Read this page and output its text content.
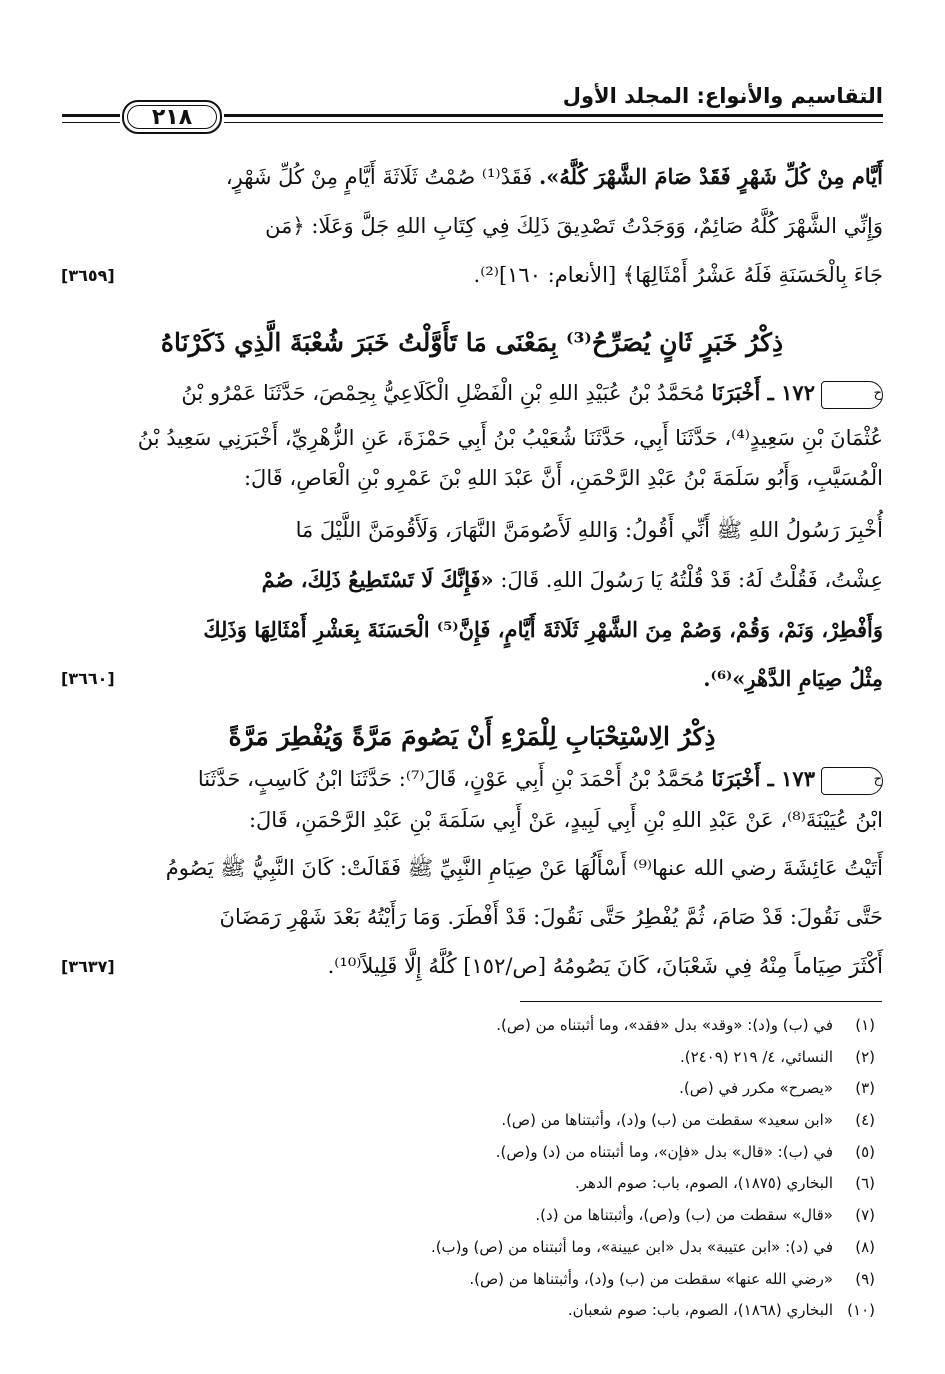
التقاسيم والأنواع: المجلد الأول
٢١٨

أَيَّام مِنْ كُلِّ شَهْرٍ فَقَدْ صَامَ الشَّهْرَ كُلَّهُ». فَقَدْ⁽¹⁾ صُمْتُ ثَلَاثَةَ أَيَّامٍ مِنْ كُلِّ شَهْرٍ،

وَإِنِّي الشَّهْرَ كُلَّهُ صَائِمٌ، وَوَجَدْتُ تَصْدِيقَ ذَلِكَ فِي كِتَابِ اللهِ جَلَّ وَعَلَا: ﴿مَن

جَاءَ بِالْحَسَنَةِ فَلَهُ عَشْرُ أَمْثَالِهَا﴾ [الأنعام: ١٦٠]⁽²⁾.
[٣٦٥٩]

ذِكْرُ خَبَرٍ ثَانٍ يُصَرِّحُ⁽³⁾ بِمَعْنَى مَا تَأَوَّلْتُ خَبَرَ شُعْبَةَ الَّذِي ذَكَرْنَاهُ

ح١٧٢ ـ أَخْبَرَنَا مُحَمَّدُ بْنُ عُبَيْدِ اللهِ بْنِ الْفَضْلِ الْكَلَاعِيُّ بِحِمْصَ، حَدَّثَنَا عَمْرُو بْنُ

عُثْمَانَ بْنِ سَعِيدٍ⁽⁴⁾، حَدَّثَنَا أَبِي، حَدَّثَنَا شُعَيْبُ بْنُ أَبِي حَمْزَةَ، عَنِ الزُّهْرِيِّ، أَخْبَرَنِي سَعِيدُ بْنُ

الْمُسَيَّبِ، وَأَبُو سَلَمَةَ بْنُ عَبْدِ الرَّحْمَنِ، أَنَّ عَبْدَ اللهِ بْنَ عَمْرِو بْنِ الْعَاصِ، قَالَ:

أُخْبِرَ رَسُولُ اللهِ ﷺ أَنِّي أَقُولُ: وَاللهِ لَأَصُومَنَّ النَّهَارَ، وَلَأَقُومَنَّ اللَّيْلَ مَا

عِشْتُ، فَقُلْتُ لَهُ: قَدْ قُلْتُهُ يَا رَسُولَ اللهِ. قَالَ: «فَإِنَّكَ لَا تَسْتَطِيعُ ذَلِكَ، صُمْ

وَأَفْطِرْ، وَنَمْ، وَقُمْ، وَصُمْ مِنَ الشَّهْرِ ثَلَاثَةَ أَيَّامٍ، فَإِنَّ⁽⁵⁾ الْحَسَنَةَ بِعَشْرِ أَمْثَالِهَا وَذَلِكَ

مِثْلُ صِيَامِ الدَّهْرِ»⁽⁶⁾.
[٣٦٦٠]

ذِكْرُ الِاسْتِحْبَابِ لِلْمَرْءِ أَنْ يَصُومَ مَرَّةً وَيُفْطِرَ مَرَّةً

ح١٧٣ ـ أَخْبَرَنَا مُحَمَّدُ بْنُ أَحْمَدَ بْنِ أَبِي عَوْنٍ، قَالَ⁽⁷⁾: حَدَّثَنَا ابْنُ كَاسِبٍ، حَدَّثَنَا

ابْنُ عُيَيْنَةَ⁽⁸⁾، عَنْ عَبْدِ اللهِ بْنِ أَبِي لَبِيدٍ، عَنْ أَبِي سَلَمَةَ بْنِ عَبْدِ الرَّحْمَنِ، قَالَ:

أَتَيْتُ عَائِشَةَ رضي الله عنها⁽⁹⁾ أَسْأَلُهَا عَنْ صِيَامِ النَّبِيِّ ﷺ فَقَالَتْ: كَانَ النَّبِيُّ ﷺ يَصُومُ

حَتَّى نَقُولَ: قَدْ صَامَ، ثُمَّ يُفْطِرُ حَتَّى نَقُولَ: قَدْ أَفْطَرَ. وَمَا رَأَيْتُهُ بَعْدَ شَهْرِ رَمَضَانَ

أَكْثَرَ صِيَاماً مِنْهُ فِي شَعْبَانَ، كَانَ يَصُومُهُ [ص/١٥٢] كُلَّهُ إِلَّا قَلِيلاً⁽¹⁰⁾.
[٣٦٣٧]

(١)في (ب) و(د): «وقد» بدل «فقد»، وما أثبتناه من (ص).
(٢)النسائي، ٤/ ٢١٩ (٢٤٠٩).
(٣)«يصرح» مكرر في (ص).
(٤)«ابن سعيد» سقطت من (ب) و(د)، وأثبتناها من (ص).
(٥)في (ب): «قال» بدل «فإن»، وما أثبتناه من (د) و(ص).
(٦)البخاري (١٨٧٥)، الصوم، باب: صوم الدهر.
(٧)«قال» سقطت من (ب) و(ص)، وأثبتناها من (د).
(٨)في (د): «ابن عتيبة» بدل «ابن عيينة»، وما أثبتناه من (ص) و(ب).
(٩)«رضي الله عنها» سقطت من (ب) و(د)، وأثبتناها من (ص).
(١٠)البخاري (١٨٦٨)، الصوم، باب: صوم شعبان.
